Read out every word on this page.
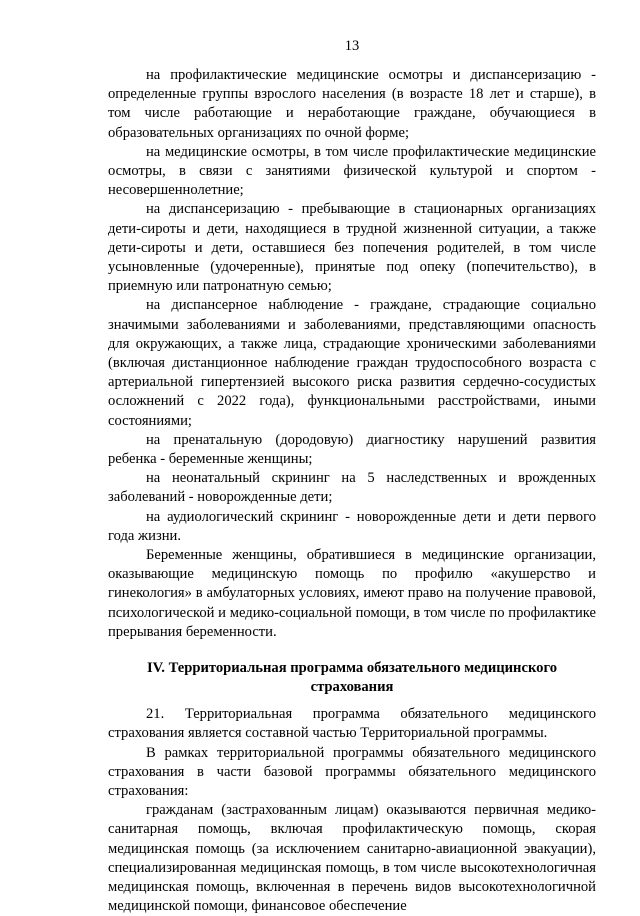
13

на профилактические медицинские осмотры и диспансеризацию - определенные группы взрослого населения (в возрасте 18 лет и старше), в том числе работающие и неработающие граждане, обучающиеся в образовательных организациях по очной форме;

на медицинские осмотры, в том числе профилактические медицинские осмотры, в связи с занятиями физической культурой и спортом - несовершеннолетние;

на диспансеризацию - пребывающие в стационарных организациях дети-сироты и дети, находящиеся в трудной жизненной ситуации, а также дети-сироты и дети, оставшиеся без попечения родителей, в том числе усыновленные (удочеренные), принятые под опеку (попечительство), в приемную или патронатную семью;

на диспансерное наблюдение - граждане, страдающие социально значимыми заболеваниями и заболеваниями, представляющими опасность для окружающих, а также лица, страдающие хроническими заболеваниями (включая дистанционное наблюдение граждан трудоспособного возраста с артериальной гипертензией высокого риска развития сердечно-сосудистых осложнений с 2022 года), функциональными расстройствами, иными состояниями;

на пренатальную (дородовую) диагностику нарушений развития ребенка - беременные женщины;

на неонатальный скрининг на 5 наследственных и врожденных заболеваний - новорожденные дети;

на аудиологический скрининг - новорожденные дети и дети первого года жизни.

Беременные женщины, обратившиеся в медицинские организации, оказывающие медицинскую помощь по профилю «акушерство и гинекология» в амбулаторных условиях, имеют право на получение правовой, психологической и медико-социальной помощи, в том числе по профилактике прерывания беременности.

IV. Территориальная программа обязательного медицинского страхования

21. Территориальная программа обязательного медицинского страхования является составной частью Территориальной программы.

В рамках территориальной программы обязательного медицинского страхования в части базовой программы обязательного медицинского страхования:

гражданам (застрахованным лицам) оказываются первичная медико-санитарная помощь, включая профилактическую помощь, скорая медицинская помощь (за исключением санитарно-авиационной эвакуации), специализированная медицинская помощь, в том числе высокотехнологичная медицинская помощь, включенная в перечень видов высокотехнологичной медицинской помощи, финансовое обеспечение
